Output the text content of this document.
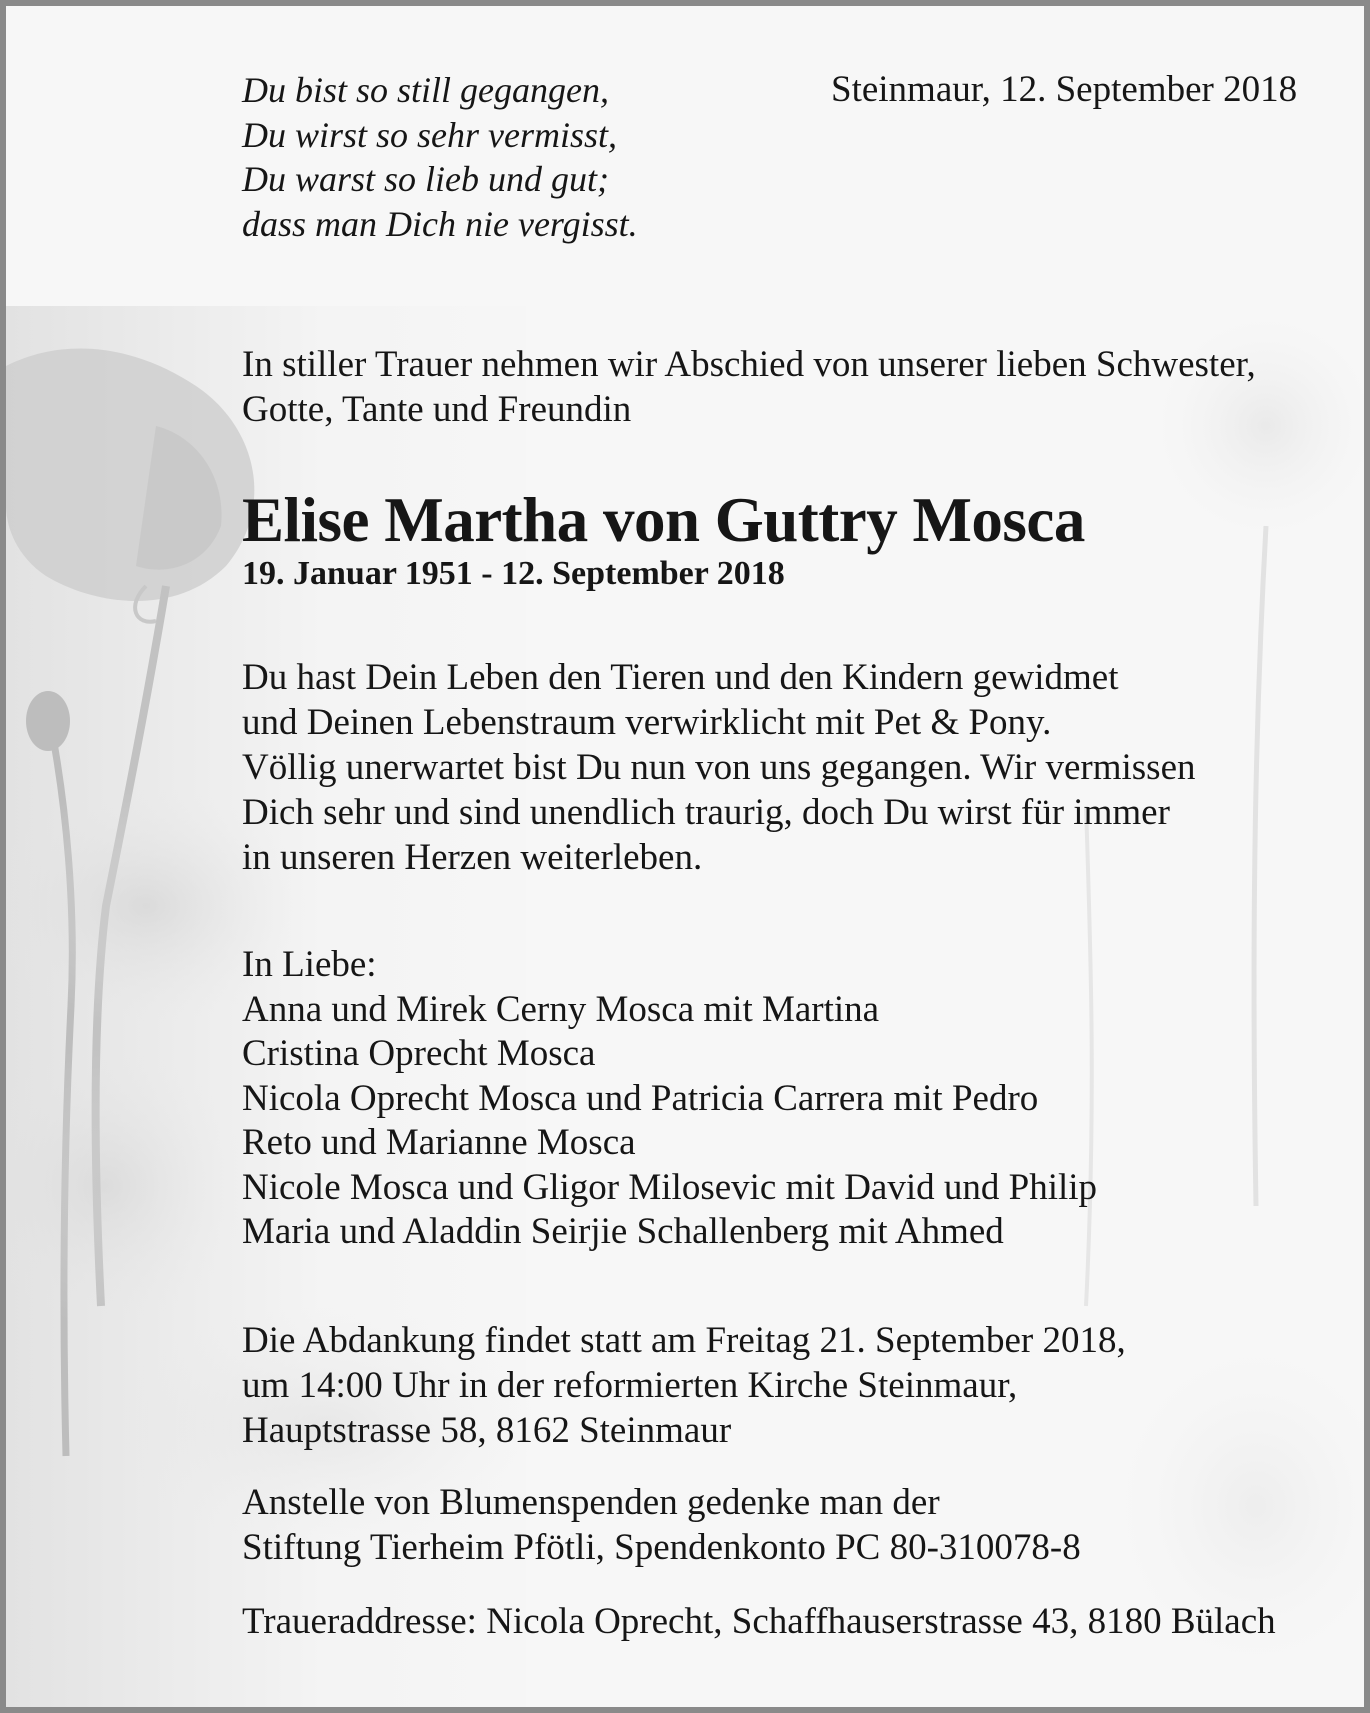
Du bist so still gegangen,
Du wirst so sehr vermisst,
Du warst so lieb und gut;
dass man Dich nie vergisst.
Steinmaur, 12. September 2018
In stiller Trauer nehmen wir Abschied von unserer lieben Schwester,
Gotte, Tante und Freundin
Elise Martha von Guttry Mosca
19. Januar 1951 - 12. September 2018
Du hast Dein Leben den Tieren und den Kindern gewidmet
und Deinen Lebenstraum verwirklicht mit Pet & Pony.
Völlig unerwartet bist Du nun von uns gegangen. Wir vermissen
Dich sehr und sind unendlich traurig, doch Du wirst für immer
in unseren Herzen weiterleben.
In Liebe:
Anna und Mirek Cerny Mosca mit Martina
Cristina Oprecht Mosca
Nicola Oprecht Mosca und Patricia Carrera mit Pedro
Reto und Marianne Mosca
Nicole Mosca und Gligor Milosevic mit David und Philip
Maria und Aladdin Seirjie Schallenberg mit Ahmed
Die Abdankung findet statt am Freitag 21. September 2018,
um 14:00 Uhr in der reformierten Kirche Steinmaur,
Hauptstrasse 58, 8162 Steinmaur
Anstelle von Blumenspenden gedenke man der
Stiftung Tierheim Pfötli, Spendenkonto PC 80-310078-8
Traueraddresse: Nicola Oprecht, Schaffhauserstrasse 43, 8180 Bülach
